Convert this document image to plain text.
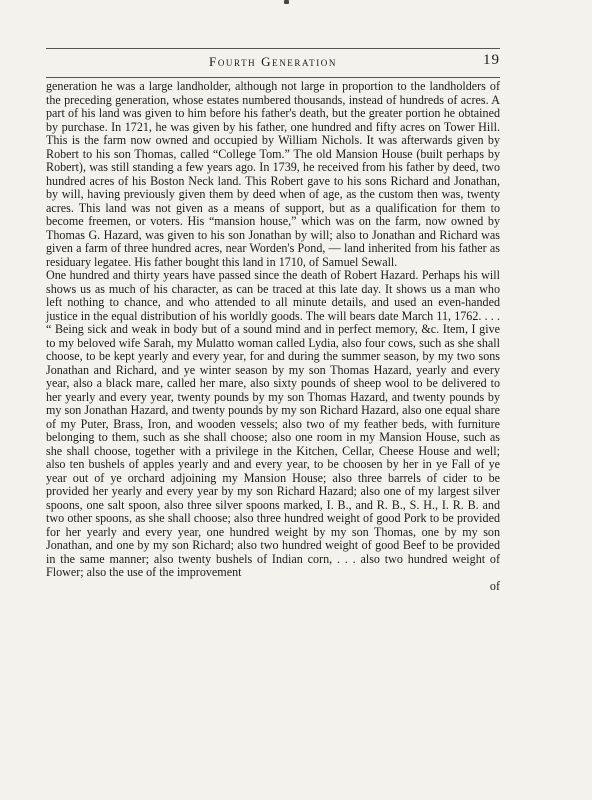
Fourth Generation	19

generation he was a large landholder, although not large in proportion to the landholders of the preceding generation, whose estates numbered thousands, instead of hundreds of acres. A part of his land was given to him before his father's death, but the greater portion he obtained by purchase. In 1721, he was given by his father, one hundred and fifty acres on Tower Hill. This is the farm now owned and occupied by William Nichols. It was afterwards given by Robert to his son Thomas, called “College Tom.” The old Mansion House (built perhaps by Robert), was still standing a few years ago. In 1739, he received from his father by deed, two hundred acres of his Boston Neck land. This Robert gave to his sons Richard and Jonathan, by will, having previously given them by deed when of age, as the custom then was, twenty acres. This land was not given as a means of support, but as a qualification for them to become freemen, or voters. His “mansion house,” which was on the farm, now owned by Thomas G. Hazard, was given to his son Jonathan by will; also to Jonathan and Richard was given a farm of three hundred acres, near Worden's Pond, — land inherited from his father as residuary legatee. His father bought this land in 1710, of Samuel Sewall.

One hundred and thirty years have passed since the death of Robert Hazard. Perhaps his will shows us as much of his character, as can be traced at this late day. It shows us a man who left nothing to chance, and who attended to all minute details, and used an even-handed justice in the equal distribution of his worldly goods. The will bears date March 11, 1762. . . . “ Being sick and weak in body but of a sound mind and in perfect memory, &c. Item, I give to my beloved wife Sarah, my Mulatto woman called Lydia, also four cows, such as she shall choose, to be kept yearly and every year, for and during the summer season, by my two sons Jonathan and Richard, and ye winter season by my son Thomas Hazard, yearly and every year, also a black mare, called her mare, also sixty pounds of sheep wool to be delivered to her yearly and every year, twenty pounds by my son Thomas Hazard, and twenty pounds by my son Jonathan Hazard, and twenty pounds by my son Richard Hazard, also one equal share of my Puter, Brass, Iron, and wooden vessels; also two of my feather beds, with furniture belonging to them, such as she shall choose; also one room in my Mansion House, such as she shall choose, together with a privilege in the Kitchen, Cellar, Cheese House and well; also ten bushels of apples yearly and and every year, to be choosen by her in ye Fall of ye year out of ye orchard adjoining my Mansion House; also three barrels of cider to be provided her yearly and every year by my son Richard Hazard; also one of my largest silver spoons, one salt spoon, also three silver spoons marked, I. B., and R. B., S. H., I. R. B. and two other spoons, as she shall choose; also three hundred weight of good Pork to be provided for her yearly and every year, one hundred weight by my son Thomas, one by my son Jonathan, and one by my son Richard; also two hundred weight of good Beef to be provided in the same manner; also twenty bushels of Indian corn, . . . also two hundred weight of Flower; also the use of the improvement

of
